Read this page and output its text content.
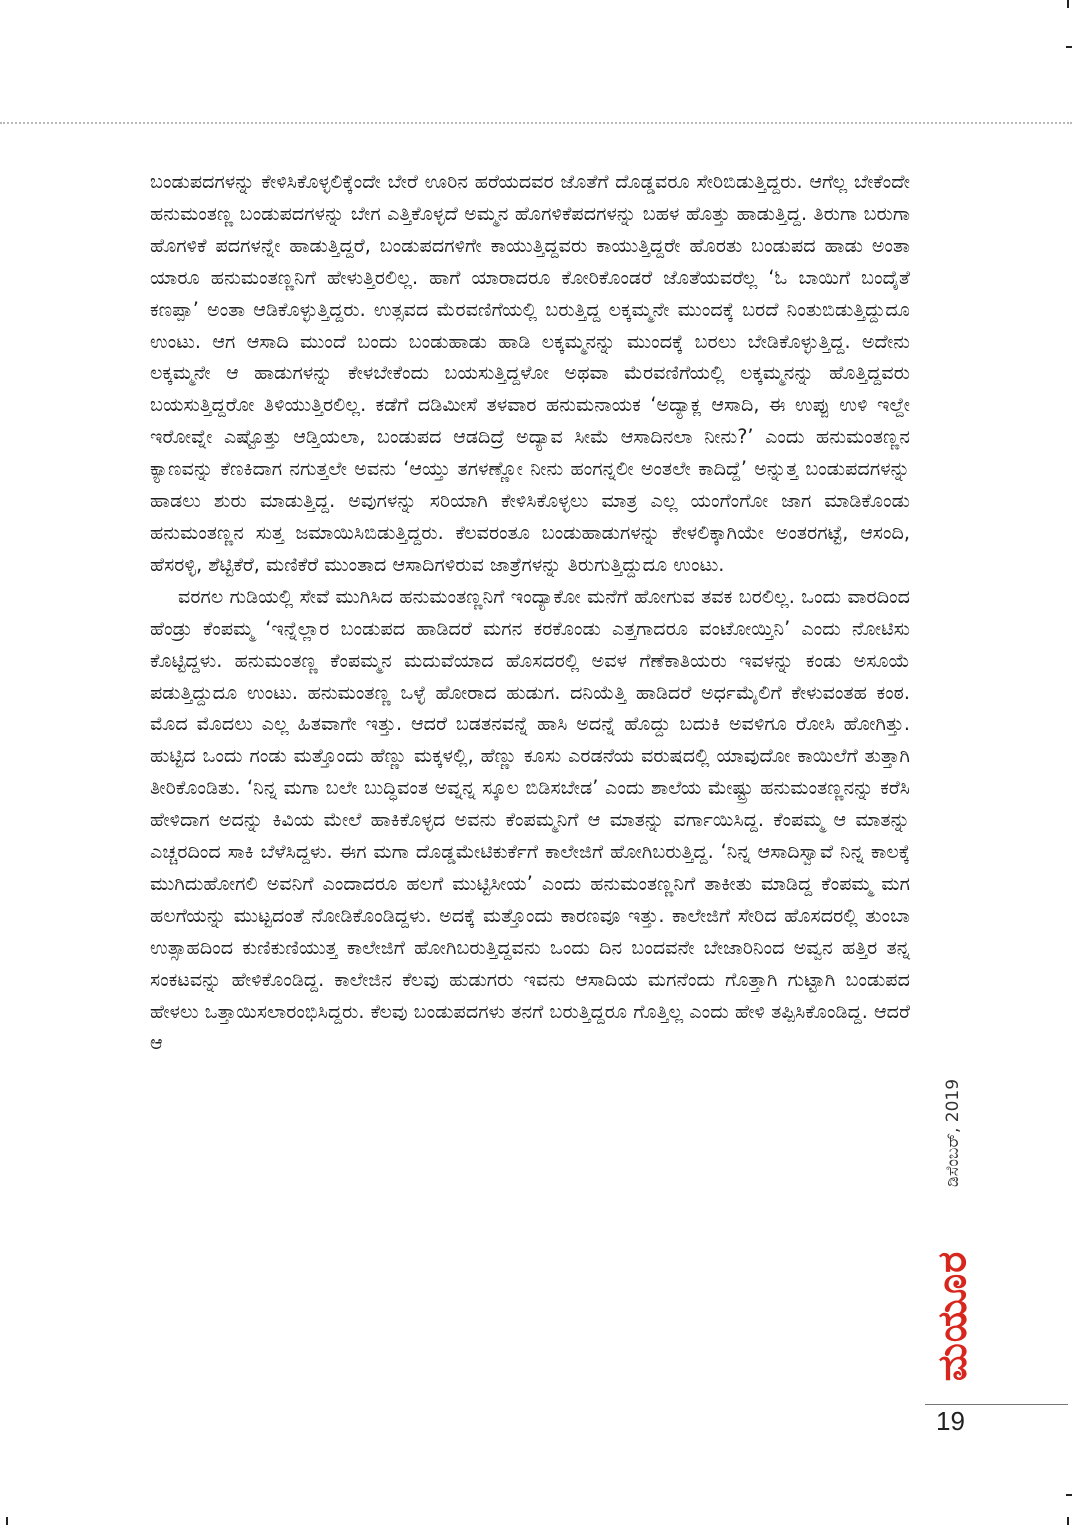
ಬಂಡುಪದಗಳನ್ನು ಕೇಳಿಸಿಕೊಳ್ಳಲಿಕ್ಕೆಂದೇ ಬೇರೆ ಊರಿನ ಹರೆಯದವರ ಜೊತೆಗೆ ದೊಡ್ಡವರೂ ಸೇರಿಬಿಡುತ್ತಿದ್ದರು. ಆಗೆಲ್ಲ ಬೇಕೆಂದೇ ಹನುಮಂತಣ್ಣ ಬಂಡುಪದಗಳನ್ನು ಬೇಗ ಎತ್ತಿಕೊಳ್ಳದೆ ಅಮ್ಮನ ಹೊಗಳಿಕೆಪದಗಳನ್ನು ಬಹಳ ಹೊತ್ತು ಹಾಡುತ್ತಿದ್ದ. ತಿರುಗಾ ಬರುಗಾ ಹೊಗಳಿಕೆ ಪದಗಳನ್ನೇ ಹಾಡುತ್ತಿದ್ದರೆ, ಬಂಡುಪದಗಳಿಗೇ ಕಾಯುತ್ತಿದ್ದವರು ಕಾಯುತ್ತಿದ್ದರೇ ಹೊರತು ಬಂಡುಪದ ಹಾಡು ಅಂತಾ ಯಾರೂ ಹನುಮಂತಣ್ಣನಿಗೆ ಹೇಳುತ್ತಿರಲಿಲ್ಲ. ಹಾಗೆ ಯಾರಾದರೂ ಕೋರಿಕೊಂಡರೆ ಜೊತೆಯವರೆಲ್ಲ ‘ಓ ಬಾಯಿಗೆ ಬಂದೈತೆ ಕಣಪ್ಪಾ’ ಅಂತಾ ಆಡಿಕೊಳ್ಳುತ್ತಿದ್ದರು. ಉತ್ಸವದ ಮೆರವಣಿಗೆಯಲ್ಲಿ ಬರುತ್ತಿದ್ದ ಲಕ್ಕಮ್ಮನೇ ಮುಂದಕ್ಕೆ ಬರದೆ ನಿಂತುಬಿಡುತ್ತಿದ್ದುದೂ ಉಂಟು. ಆಗ ಆಸಾದಿ ಮುಂದೆ ಬಂದು ಬಂಡುಹಾಡು ಹಾಡಿ ಲಕ್ಕಮ್ಮನನ್ನು ಮುಂದಕ್ಕೆ ಬರಲು ಬೇಡಿಕೊಳ್ಳುತ್ತಿದ್ದ. ಅದೇನು ಲಕ್ಕಮ್ಮನೇ ಆ ಹಾಡುಗಳನ್ನು ಕೇಳಬೇಕೆಂದು ಬಯಸುತ್ತಿದ್ದಳೋ ಅಥವಾ ಮೆರವಣಿಗೆಯಲ್ಲಿ ಲಕ್ಕಮ್ಮನನ್ನು ಹೊತ್ತಿದ್ದವರು ಬಯಸುತ್ತಿದ್ದರೋ ತಿಳಿಯುತ್ತಿರಲಿಲ್ಲ. ಕಡೆಗೆ ದಡಿಮೀಸೆ ತಳವಾರ ಹನುಮನಾಯಕ ‘ಅದ್ಯಾಕ್ಲ ಆಸಾದಿ, ಈ ಉಪ್ಪು ಉಳಿ ಇಲ್ದೇ ಇರೋವ್ನೇ ಎಷ್ಟೊತ್ತು ಆಡ್ತಿಯಲಾ, ಬಂಡುಪದ ಆಡದಿದ್ರೆ ಅದ್ಯಾವ ಸೀಮೆ ಆಸಾದಿನಲಾ ನೀನು?’ ಎಂದು ಹನುಮಂತಣ್ಣನ ಕ್ಯಾಣವನ್ನು ಕೆಣಕಿದಾಗ ನಗುತ್ತಲೇ ಅವನು ‘ಆಯ್ತು ತಗಳಣ್ಣೋ ನೀನು ಹಂಗನ್ನಲೀ ಅಂತಲೇ ಕಾದಿದ್ದೆ’ ಅನ್ನುತ್ತ ಬಂಡುಪದಗಳನ್ನು ಹಾಡಲು ಶುರು ಮಾಡುತ್ತಿದ್ದ. ಅವುಗಳನ್ನು ಸರಿಯಾಗಿ ಕೇಳಿಸಿಕೊಳ್ಳಲು ಮಾತ್ರ ಎಲ್ಲ ಯಂಗೆಂಗೋ ಜಾಗ ಮಾಡಿಕೊಂಡು ಹನುಮಂತಣ್ಣನ ಸುತ್ತ ಜಮಾಯಿಸಿಬಿಡುತ್ತಿದ್ದರು. ಕೆಲವರಂತೂ ಬಂಡುಹಾಡುಗಳನ್ನು ಕೇಳಲಿಕ್ಕಾಗಿಯೇ ಅಂತರಗಟ್ಟೆ, ಆಸಂದಿ, ಹೆಸರಳ್ಳಿ, ಶೆಟ್ಟಿಕೆರೆ, ಮಣಿಕೆರೆ ಮುಂತಾದ ಆಸಾದಿಗಳಿರುವ ಜಾತ್ರೆಗಳನ್ನು ತಿರುಗುತ್ತಿದ್ದುದೂ ಉಂಟು.

ವರಗಲ ಗುಡಿಯಲ್ಲಿ ಸೇವೆ ಮುಗಿಸಿದ ಹನುಮಂತಣ್ಣನಿಗೆ ಇಂದ್ಯಾಕೋ ಮನೆಗೆ ಹೋಗುವ ತವಕ ಬರಲಿಲ್ಲ. ಒಂದು ವಾರದಿಂದ ಹೆಂಡ್ರು ಕೆಂಪಮ್ಮ ‘ಇನ್ನೆಲ್ಲಾರ ಬಂಡುಪದ ಹಾಡಿದರೆ ಮಗನ ಕರಕೊಂಡು ಎತ್ತಗಾದರೂ ವಂಟೋಯ್ತಿನಿ’ ಎಂದು ನೋಟಿಸು ಕೊಟ್ಟಿದ್ದಳು. ಹನುಮಂತಣ್ಣ ಕೆಂಪಮ್ಮನ ಮದುವೆಯಾದ ಹೊಸದರಲ್ಲಿ ಅವಳ ಗೆಣೆಕಾತಿಯರು ಇವಳನ್ನು ಕಂಡು ಅಸೂಯೆ ಪಡುತ್ತಿದ್ದುದೂ ಉಂಟು. ಹನುಮಂತಣ್ಣ ಒಳ್ಳೆ ಹೋರಾದ ಹುಡುಗ. ದನಿಯೆತ್ತಿ ಹಾಡಿದರೆ ಅರ್ಧಮೈಲಿಗೆ ಕೇಳುವಂತಹ ಕಂಠ. ಮೊದ ಮೊದಲು ಎಲ್ಲ ಹಿತವಾಗೇ ಇತ್ತು. ಆದರೆ ಬಡತನವನ್ನೆ ಹಾಸಿ ಅದನ್ನೆ ಹೊದ್ದು ಬದುಕಿ ಅವಳಿಗೂ ರೋಸಿ ಹೋಗಿತ್ತು. ಹುಟ್ಟಿದ ಒಂದು ಗಂಡು ಮತ್ತೊಂದು ಹೆಣ್ಣು ಮಕ್ಕಳಲ್ಲಿ, ಹೆಣ್ಣು ಕೂಸು ಎರಡನೆಯ ವರುಷದಲ್ಲಿ ಯಾವುದೋ ಕಾಯಿಲೆಗೆ ತುತ್ತಾಗಿ ತೀರಿಕೊಂಡಿತು. ‘ನಿನ್ನ ಮಗಾ ಬಲೇ ಬುದ್ಧಿವಂತ ಅವ್ನನ್ನ ಸ್ಕೂಲ ಬಿಡಿಸಬೇಡ’ ಎಂದು ಶಾಲೆಯ ಮೇಷ್ಟ್ರು ಹನುಮಂತಣ್ಣನನ್ನು ಕರೆಸಿ ಹೇಳಿದಾಗ ಅದನ್ನು ಕಿವಿಯ ಮೇಲೆ ಹಾಕಿಕೊಳ್ಳದ ಅವನು ಕೆಂಪಮ್ಮನಿಗೆ ಆ ಮಾತನ್ನು ವರ್ಗಾಯಿಸಿದ್ದ. ಕೆಂಪಮ್ಮ ಆ ಮಾತನ್ನು ಎಚ್ಚರದಿಂದ ಸಾಕಿ ಬೆಳೆಸಿದ್ದಳು. ಈಗ ಮಗಾ ದೊಡ್ಡಮೇಟಿಕುರ್ಕೆಗೆ ಕಾಲೇಜಿಗೆ ಹೋಗಿಬರುತ್ತಿದ್ದ. ‘ನಿನ್ನ ಆಸಾದಿಸ್ವಾವೆ ನಿನ್ನ ಕಾಲಕ್ಕೆ ಮುಗಿದುಹೋಗಲಿ ಅವನಿಗೆ ಎಂದಾದರೂ ಹಲಗೆ ಮುಟ್ಟಿಸೀಯ’ ಎಂದು ಹನುಮಂತಣ್ಣನಿಗೆ ತಾಕೀತು ಮಾಡಿದ್ದ ಕೆಂಪಮ್ಮ ಮಗ ಹಲಗೆಯನ್ನು ಮುಟ್ಟದಂತೆ ನೋಡಿಕೊಂಡಿದ್ದಳು. ಅದಕ್ಕೆ ಮತ್ತೊಂದು ಕಾರಣವೂ ಇತ್ತು. ಕಾಲೇಜಿಗೆ ಸೇರಿದ ಹೊಸದರಲ್ಲಿ ತುಂಬಾ ಉತ್ಸಾಹದಿಂದ ಕುಣಿಕುಣಿಯುತ್ತ ಕಾಲೇಜಿಗೆ ಹೋಗಿಬರುತ್ತಿದ್ದವನು ಒಂದು ದಿನ ಬಂದವನೇ ಬೇಜಾರಿನಿಂದ ಅವ್ವನ ಹತ್ತಿರ ತನ್ನ ಸಂಕಟವನ್ನು ಹೇಳಿಕೊಂಡಿದ್ದ. ಕಾಲೇಜಿನ ಕೆಲವು ಹುಡುಗರು ಇವನು ಆಸಾದಿಯ ಮಗನೆಂದು ಗೊತ್ತಾಗಿ ಗುಟ್ಟಾಗಿ ಬಂಡುಪದ ಹೇಳಲು ಒತ್ತಾಯಿಸಲಾರಂಭಿಸಿದ್ದರು. ಕೆಲವು ಬಂಡುಪದಗಳು ತನಗೆ ಬರುತ್ತಿದ್ದರೂ ಗೊತ್ತಿಲ್ಲ ಎಂದು ಹೇಳಿ ತಪ್ಪಿಸಿಕೊಂಡಿದ್ದ. ಆದರೆ ಆ

ಡಿಸೆಂಬರ್, 2019
ಮಯೂರ
19
